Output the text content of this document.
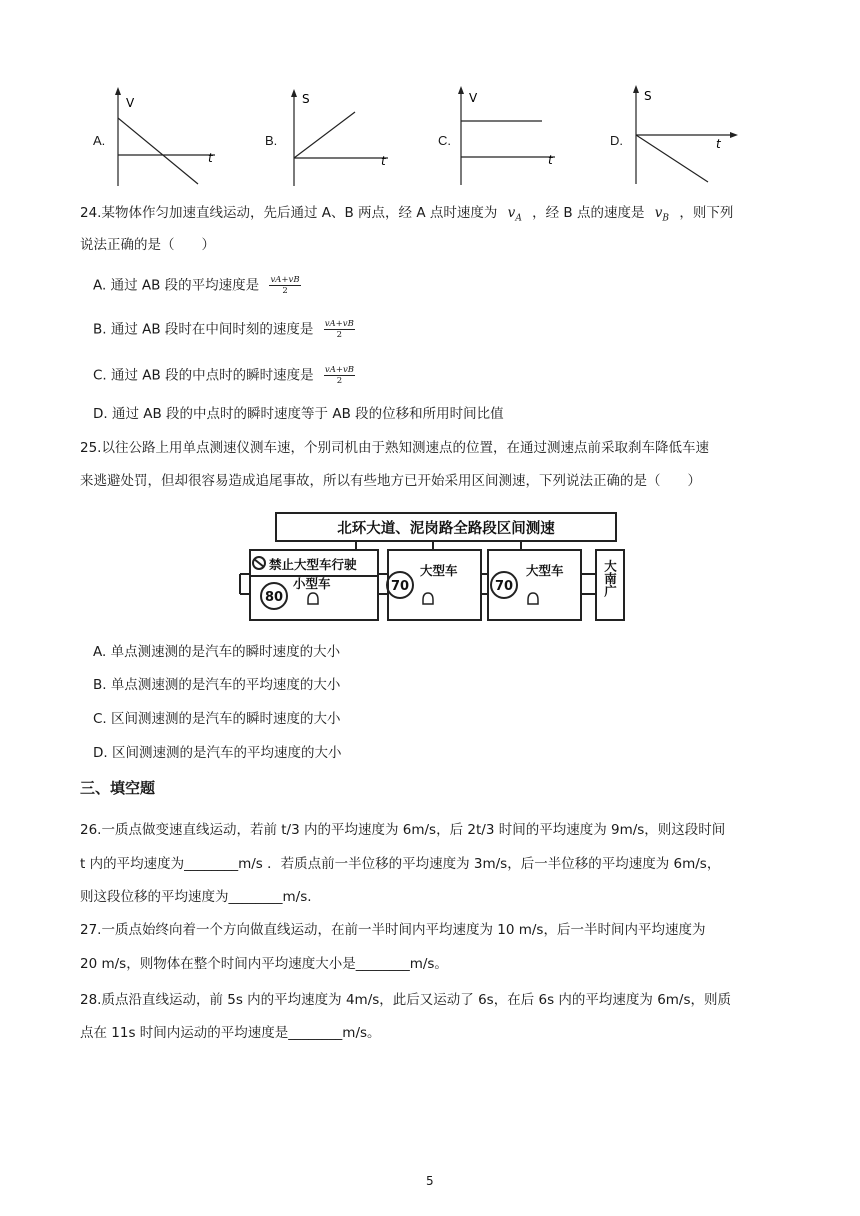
A.
V
t
B.
S
t
C.
V
t
D.
S
t
24.某物体作匀加速直线运动，先后通过 A、B 两点，经 A 点时速度为 $v_A$ ，经 B 点的速度是 $v_B$ ，则下列
说法正确的是（　　）
A. 通过 AB 段的平均速度是 $\frac{vA+vB}{2}$
B. 通过 AB 段时在中间时刻的速度是 $\frac{vA+vB}{2}$
C. 通过 AB 段的中点时的瞬时速度是 $\frac{vA+vB}{2}$
D. 通过 AB 段的中点时的瞬时速度等于 AB 段的位移和所用时间比值
25.以往公路上用单点测速仪测车速，个别司机由于熟知测速点的位置，在通过测速点前采取刹车降低车速
来逃避处罚，但却很容易造成追尾事故，所以有些地方已开始采用区间测速，下列说法正确的是（　　）
北环大道、泥岗路全路段区间测速
禁止大型车行驶
80
小型车	70
大型车
70
大型车	大南广
A. 单点测速测的是汽车的瞬时速度的大小
B. 单点测速测的是汽车的平均速度的大小
C. 区间测速测的是汽车的瞬时速度的大小
D. 区间测速测的是汽车的平均速度的大小
三、填空题
26.一质点做变速直线运动，若前 t/3 内的平均速度为 6m/s，后 2t/3 时间的平均速度为 9m/s，则这段时间
t 内的平均速度为________m/s ．若质点前一半位移的平均速度为 3m/s，后一半位移的平均速度为 6m/s，
则这段位移的平均速度为________m/s.
27.一质点始终向着一个方向做直线运动，在前一半时间内平均速度为 10 m/s，后一半时间内平均速度为
20 m/s，则物体在整个时间内平均速度大小是________m/s。
28.质点沿直线运动，前 5s 内的平均速度为 4m/s，此后又运动了 6s，在后 6s 内的平均速度为 6m/s，则质
点在 11s 时间内运动的平均速度是________m/s。
5
